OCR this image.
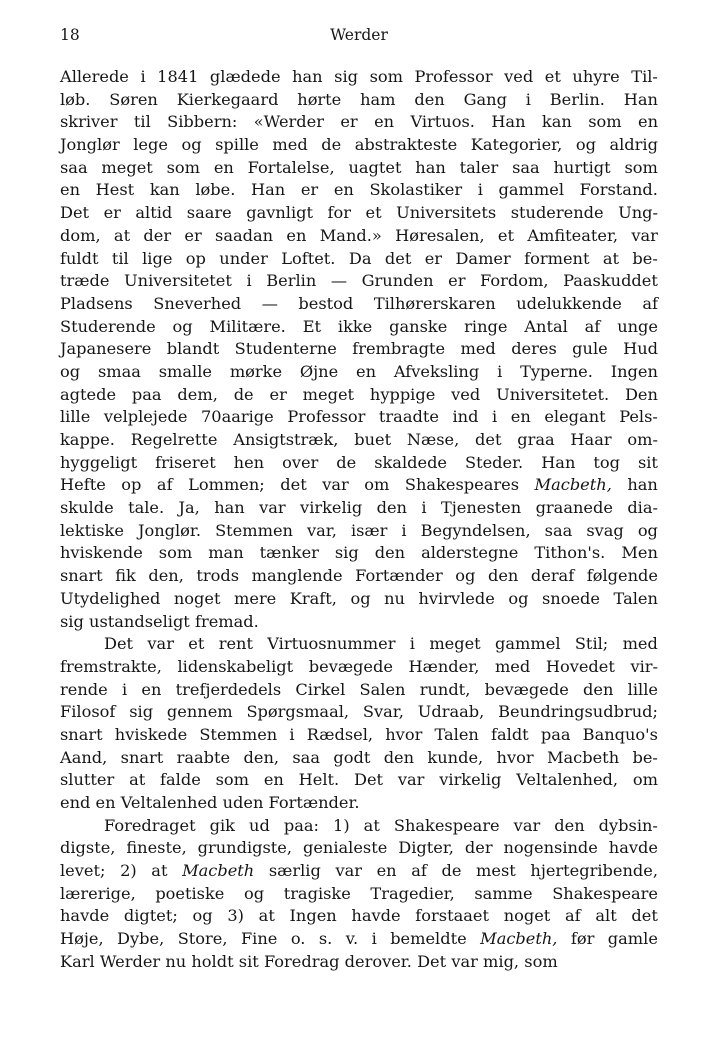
18	Werder
Allerede i 1841 glædede han sig som Professor ved et uhyre Til-
løb. Søren Kierkegaard hørte ham den Gang i Berlin. Han
skriver til Sibbern: «Werder er en Virtuos. Han kan som en
Jonglør lege og spille med de abstrakteste Kategorier, og aldrig
saa meget som en Fortalelse, uagtet han taler saa hurtigt som
en Hest kan løbe. Han er en Skolastiker i gammel Forstand.
Det er altid saare gavnligt for et Universitets studerende Ung-
dom, at der er saadan en Mand.» Høresalen, et Amfiteater, var
fuldt til lige op under Loftet. Da det er Damer forment at be-
træde Universitetet i Berlin — Grunden er Fordom, Paaskuddet
Pladsens Sneverhed — bestod Tilhørerskaren udelukkende af
Studerende og Militære. Et ikke ganske ringe Antal af unge
Japanesere blandt Studenterne frembragte med deres gule Hud
og smaa smalle mørke Øjne en Afveksling i Typerne. Ingen
agtede paa dem, de er meget hyppige ved Universitetet. Den
lille velplejede 70aarige Professor traadte ind i en elegant Pels-
kappe. Regelrette Ansigtstræk, buet Næse, det graa Haar om-
hyggeligt friseret hen over de skaldede Steder. Han tog sit
Hefte op af Lommen; det var om Shakespeares Macbeth, han
skulde tale. Ja, han var virkelig den i Tjenesten graanede dia-
lektiske Jonglør. Stemmen var, især i Begyndelsen, saa svag og
hviskende som man tænker sig den alderstegne Tithon's. Men
snart fik den, trods manglende Fortænder og den deraf følgende
Utydelighed noget mere Kraft, og nu hvirvlede og snoede Talen
sig ustandseligt fremad.
Det var et rent Virtuosnummer i meget gammel Stil; med
fremstrakte, lidenskabeligt bevægede Hænder, med Hovedet vir-
rende i en trefjerdedels Cirkel Salen rundt, bevægede den lille
Filosof sig gennem Spørgsmaal, Svar, Udraab, Beundringsudbrud;
snart hviskede Stemmen i Rædsel, hvor Talen faldt paa Banquo's
Aand, snart raabte den, saa godt den kunde, hvor Macbeth be-
slutter at falde som en Helt. Det var virkelig Veltalenhed, om
end en Veltalenhed uden Fortænder.
Foredraget gik ud paa: 1) at Shakespeare var den dybsin-
digste, fineste, grundigste, genialeste Digter, der nogensinde havde
levet; 2) at Macbeth særlig var en af de mest hjertegribende,
lærerige, poetiske og tragiske Tragedier, samme Shakespeare
havde digtet; og 3) at Ingen havde forstaaet noget af alt det
Høje, Dybe, Store, Fine o. s. v. i bemeldte Macbeth, før gamle
Karl Werder nu holdt sit Foredrag derover. Det var mig, som
